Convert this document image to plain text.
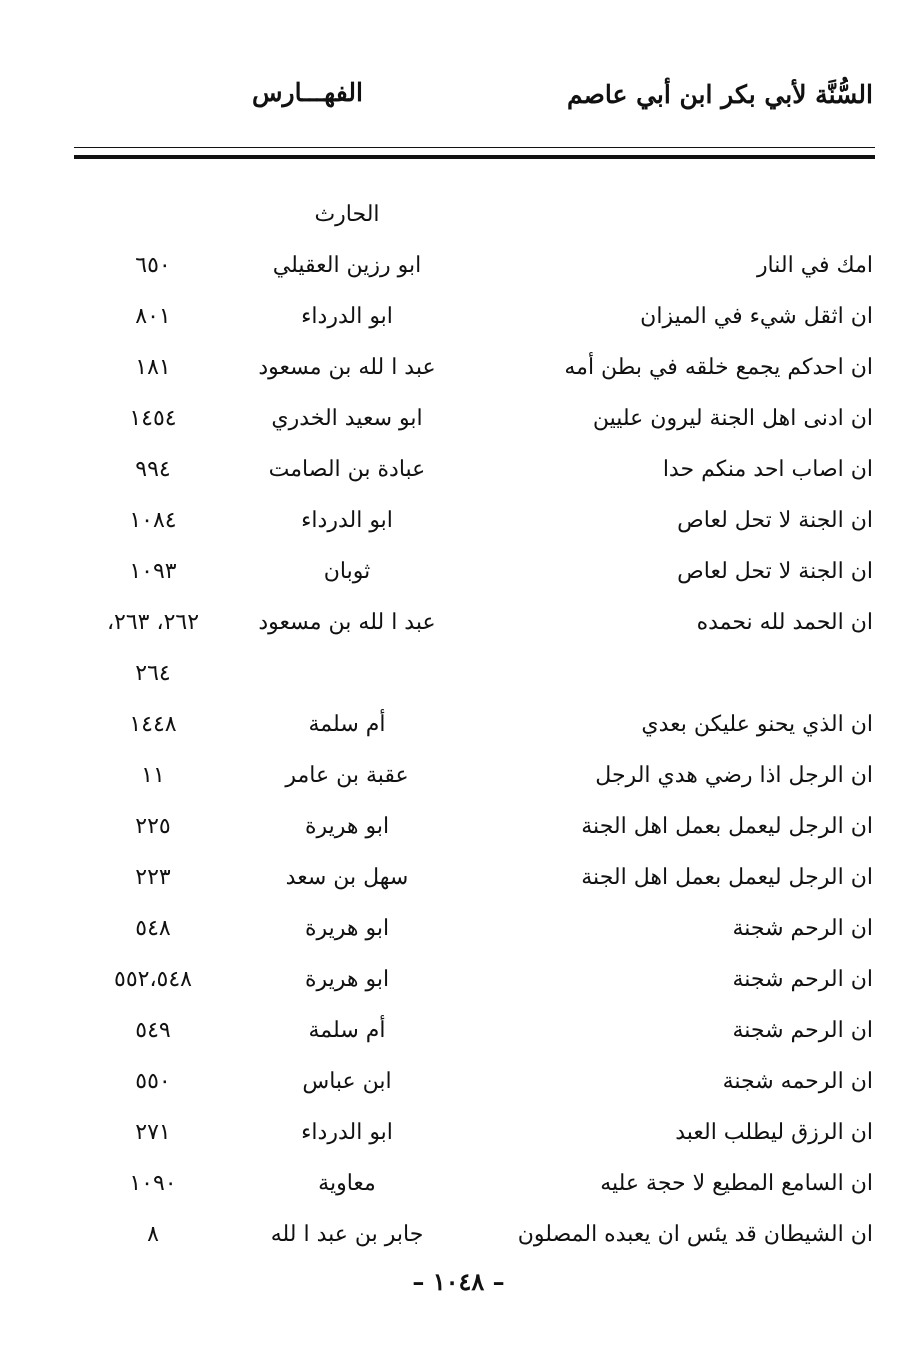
السُّنَّة لأبي بكر ابن أبي عاصم
الفهـــارس
الحارث
امك في النار
ابو رزين العقيلي
٦٥٠
ان اثقل شيء في الميزان
ابو الدرداء
٨٠١
ان احدكم يجمع خلقه في بطن أمه
عبد ا لله بن مسعود
١٨١
ان ادنى اهل الجنة ليرون عليين
ابو سعيد الخدري
١٤٥٤
ان اصاب احد منكم حدا
عبادة بن الصامت
٩٩٤
ان الجنة لا تحل لعاص
ابو الدرداء
١٠٨٤
ان الجنة لا تحل لعاص
ثوبان
١٠٩٣
ان الحمد لله نحمده
عبد ا لله بن مسعود
٢٦٢، ٢٦٣،
٢٦٤
ان الذي يحنو عليكن بعدي
أم سلمة
١٤٤٨
ان الرجل اذا رضي هدي الرجل
عقبة بن عامر
١١
ان الرجل ليعمل بعمل اهل الجنة
ابو هريرة
٢٢٥
ان الرجل ليعمل بعمل اهل الجنة
سهل بن سعد
٢٢٣
ان الرحم شجنة
ابو هريرة
٥٤٨
ان الرحم شجنة
ابو هريرة
٥٥٢،٥٤٨
ان الرحم شجنة
أم سلمة
٥٤٩
ان الرحمه شجنة
ابن عباس
٥٥٠
ان الرزق ليطلب العبد
ابو الدرداء
٢٧١
ان السامع المطيع لا حجة عليه
معاوية
١٠٩٠
ان الشيطان قد يئس ان يعبده المصلون
جابر بن عبد ا لله
٨
– ١٠٤٨ –
